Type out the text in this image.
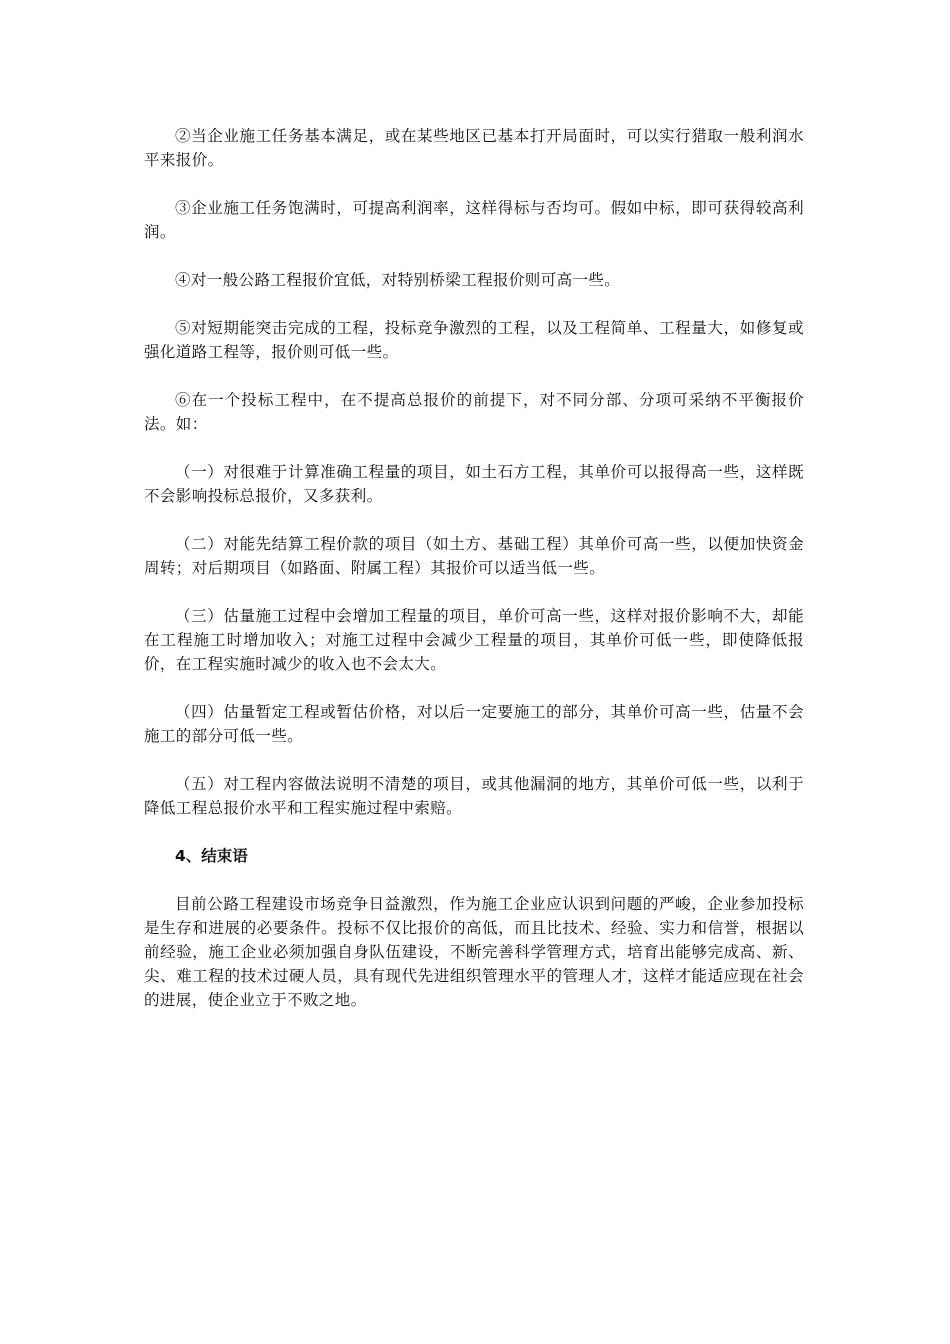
②当企业施工任务基本满足，或在某些地区已基本打开局面时，可以实行猎取一般利润水平来报价。

③企业施工任务饱满时，可提高利润率，这样得标与否均可。假如中标，即可获得较高利润。

④对一般公路工程报价宜低，对特别桥梁工程报价则可高一些。

⑤对短期能突击完成的工程，投标竞争激烈的工程，以及工程简单、工程量大，如修复或强化道路工程等，报价则可低一些。

⑥在一个投标工程中，在不提高总报价的前提下，对不同分部、分项可采纳不平衡报价法。如：

（一）对很难于计算准确工程量的项目，如土石方工程，其单价可以报得高一些，这样既不会影响投标总报价，又多获利。

（二）对能先结算工程价款的项目（如土方、基础工程）其单价可高一些，以便加快资金周转；对后期项目（如路面、附属工程）其报价可以适当低一些。

（三）估量施工过程中会增加工程量的项目，单价可高一些，这样对报价影响不大，却能在工程施工时增加收入；对施工过程中会减少工程量的项目，其单价可低一些，即使降低报价，在工程实施时减少的收入也不会太大。

（四）估量暂定工程或暂估价格，对以后一定要施工的部分，其单价可高一些，估量不会施工的部分可低一些。

（五）对工程内容做法说明不清楚的项目，或其他漏洞的地方，其单价可低一些，以利于降低工程总报价水平和工程实施过程中索赔。

4、结束语

目前公路工程建设市场竞争日益激烈，作为施工企业应认识到问题的严峻，企业参加投标是生存和进展的必要条件。投标不仅比报价的高低，而且比技术、经验、实力和信誉，根据以前经验，施工企业必须加强自身队伍建设，不断完善科学管理方式，培育出能够完成高、新、尖、难工程的技术过硬人员，具有现代先进组织管理水平的管理人才，这样才能适应现在社会的进展，使企业立于不败之地。
